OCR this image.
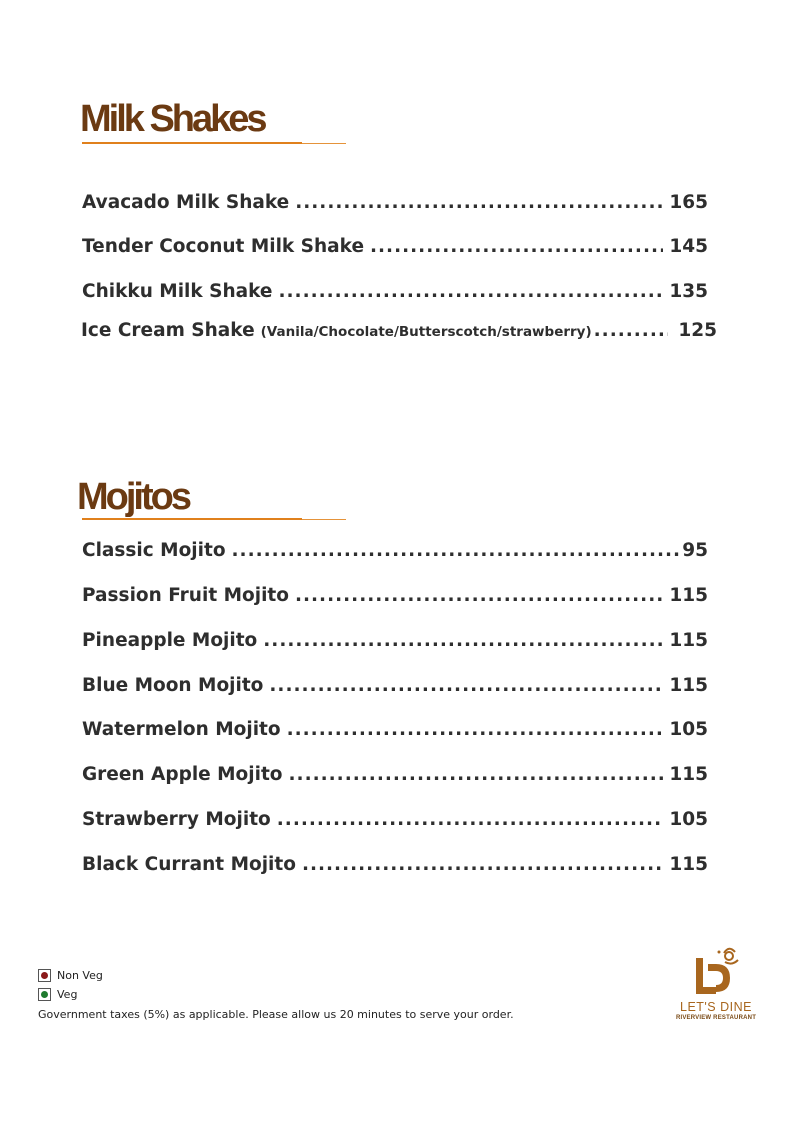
Milk Shakes
Avacado Milk Shake .....	165
Tender Coconut Milk Shake .....	145
Chikku Milk Shake .....	135
Ice Cream Shake (Vanila/Chocolate/Butterscotch/strawberry) .....	125
Mojitos
Classic Mojito .....	95
Passion Fruit Mojito .....	115
Pineapple Mojito .....	115
Blue Moon Mojito .....	115
Watermelon Mojito .....	105
Green Apple Mojito .....	115
Strawberry Mojito .....	105
Black Currant Mojito .....	115
Non Veg
Veg
Government taxes (5%) as applicable. Please allow us 20 minutes to serve your order.
LET'S DINE
RIVERVIEW RESTAURANT
